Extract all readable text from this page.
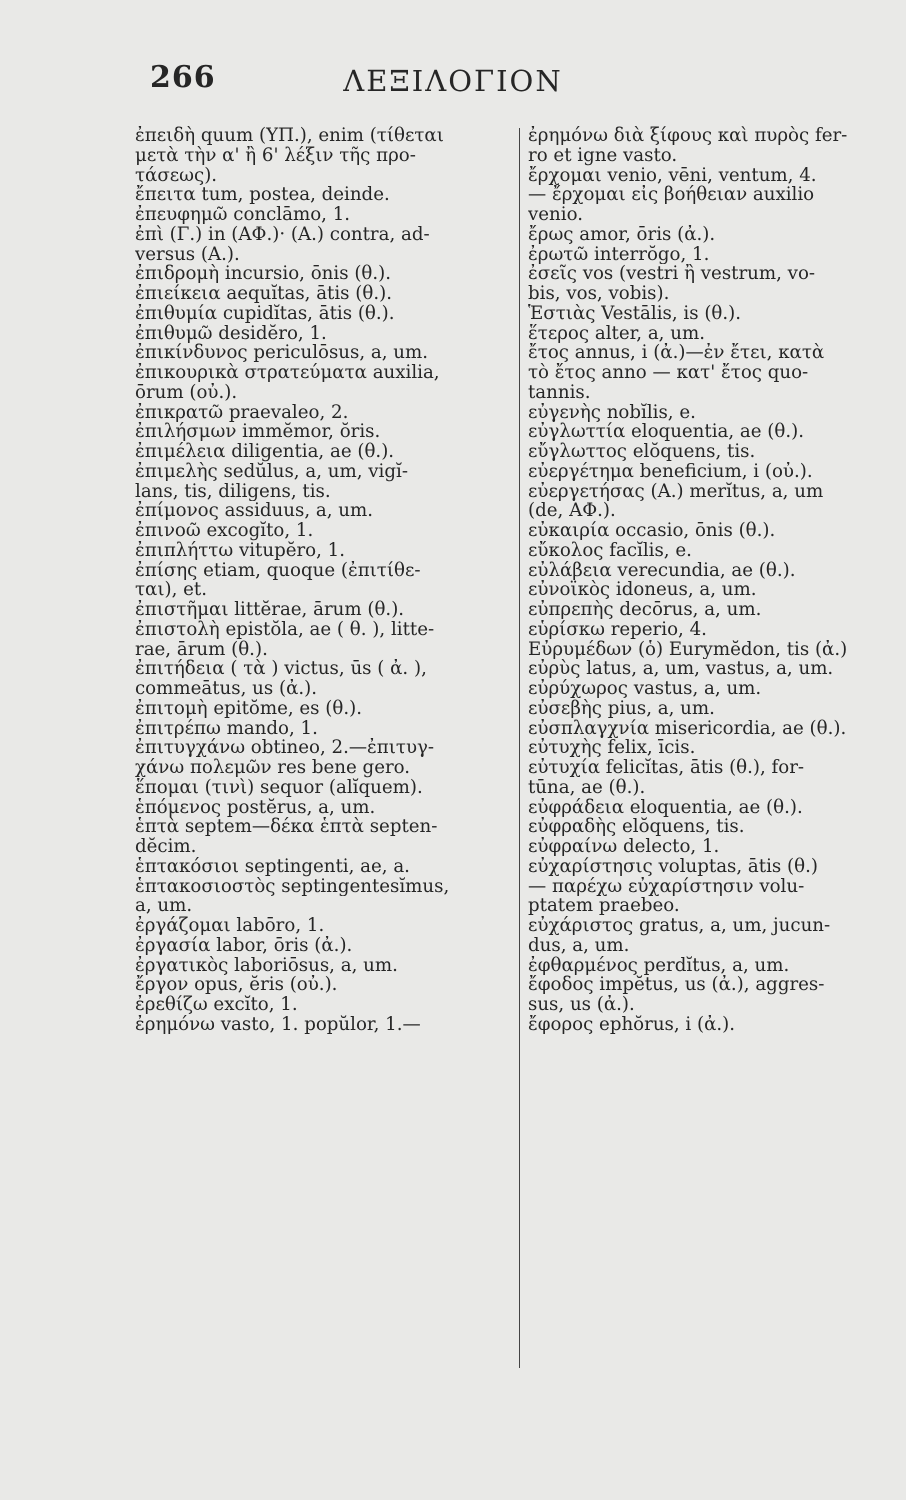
266	ΛΕΞΙΛΟΓΙΟΝ
ἐπειδὴ quum (ΥΠ.), enim (τίθεται
μετὰ τὴν α' ἢ 6' λέξιν τῆς προ-
τάσεως).
ἔπειτα tum, postea, deinde.
ἐπευφημῶ conclāmo, 1.
ἐπὶ (Γ.) in (ΑΦ.)· (Α.) contra, ad-
versus (Α.).
ἐπιδρομὴ incursio, ōnis (θ.).
ἐπιείκεια aequĭtas, ātis (θ.).
ἐπιθυμία cupidĭtas, ātis (θ.).
ἐπιθυμῶ desidĕro, 1.
ἐπικίνδυνος periculōsus, a, um.
ἐπικουρικὰ στρατεύματα auxilia,
ōrum (οὐ.).
ἐπικρατῶ praevaleo, 2.
ἐπιλήσμων immĕmor, ŏris.
ἐπιμέλεια diligentia, ae (θ.).
ἐπιμελὴς sedŭlus, a, um, vigĭ-
lans, tis, diligens, tis.
ἐπίμονος assiduus, a, um.
ἐπινοῶ excogĭto, 1.
ἐπιπλήττω vitupĕro, 1.
ἐπίσης etiam, quoque (ἐπιτίθε-
ται), et.
ἐπιστῆμαι littĕrae, ārum (θ.).
ἐπιστολὴ epistŏla, ae ( θ. ), litte-
rae, ārum (θ.).
ἐπιτήδεια ( τὰ ) victus, ūs ( ἀ. ),
commeātus, us (ἀ.).
ἐπιτομὴ epitŏme, es (θ.).
ἐπιτρέπω mando, 1.
ἐπιτυγχάνω obtineo, 2.—ἐπιτυγ-
χάνω πολεμῶν res bene gero.
ἕπομαι (τινὶ) sequor (alĭquem).
ἑπόμενος postĕrus, a, um.
ἑπτὰ septem—δέκα ἑπτὰ septen-
dĕcim.
ἑπτακόσιοι septingenti, ae, a.
ἑπτακοσιοστὸς septingentesĭmus,
a, um.
ἐργάζομαι labōro, 1.
ἐργασία labor, ōris (ἀ.).
ἐργατικὸς laboriōsus, a, um.
ἔργον opus, ĕris (οὐ.).
ἐρεθίζω excĭto, 1.
ἐρημόνω vasto, 1. popŭlor, 1.—
ἐρημόνω διὰ ξίφους καὶ πυρὸς fer-
ro et igne vasto.
ἔρχομαι venio, vēni, ventum, 4.
— ἔρχομαι εἰς βοήθειαν auxilio
venio.
ἔρως amor, ōris (ἀ.).
ἐρωτῶ interrŏgo, 1.
ἐσεῖς vos (vestri ἢ vestrum, vo-
bis, vos, vobis).
Ἑστιὰς Vestālis, is (θ.).
ἕτερος alter, a, um.
ἔτος annus, i (ἀ.)—ἐν ἔτει, κατὰ
τὸ ἔτος anno — κατ' ἔτος quo-
tannis.
εὐγενὴς nobĭlis, e.
εὐγλωττία eloquentia, ae (θ.).
εὔγλωττος elŏquens, tis.
εὐεργέτημα beneficium, i (οὐ.).
εὐεργετήσας (Α.) merĭtus, a, um
(de, ΑΦ.).
εὐκαιρία occasio, ōnis (θ.).
εὔκολος facĭlis, e.
εὐλάβεια verecundia, ae (θ.).
εὐνοϊκὸς idoneus, a, um.
εὐπρεπὴς decōrus, a, um.
εὑρίσκω reperio, 4.
Εὐρυμέδων (ὁ) Eurymĕdon, tis (ἀ.)
εὐρὺς latus, a, um, vastus, a, um.
εὐρύχωρος vastus, a, um.
εὐσεβὴς pius, a, um.
εὐσπλαγχνία misericordia, ae (θ.).
εὐτυχὴς felix, īcis.
εὐτυχία felicĭtas, ātis (θ.), for-
tūna, ae (θ.).
εὐφράδεια eloquentia, ae (θ.).
εὐφραδὴς elŏquens, tis.
εὐφραίνω delecto, 1.
εὐχαρίστησις voluptas, ātis (θ.)
— παρέχω εὐχαρίστησιν volu-
ptatem praebeo.
εὐχάριστος gratus, a, um, jucun-
dus, a, um.
ἐφθαρμένος perdĭtus, a, um.
ἔφοδος impĕtus, us (ἀ.), aggres-
sus, us (ἀ.).
ἔφορος ephŏrus, i (ἀ.).
